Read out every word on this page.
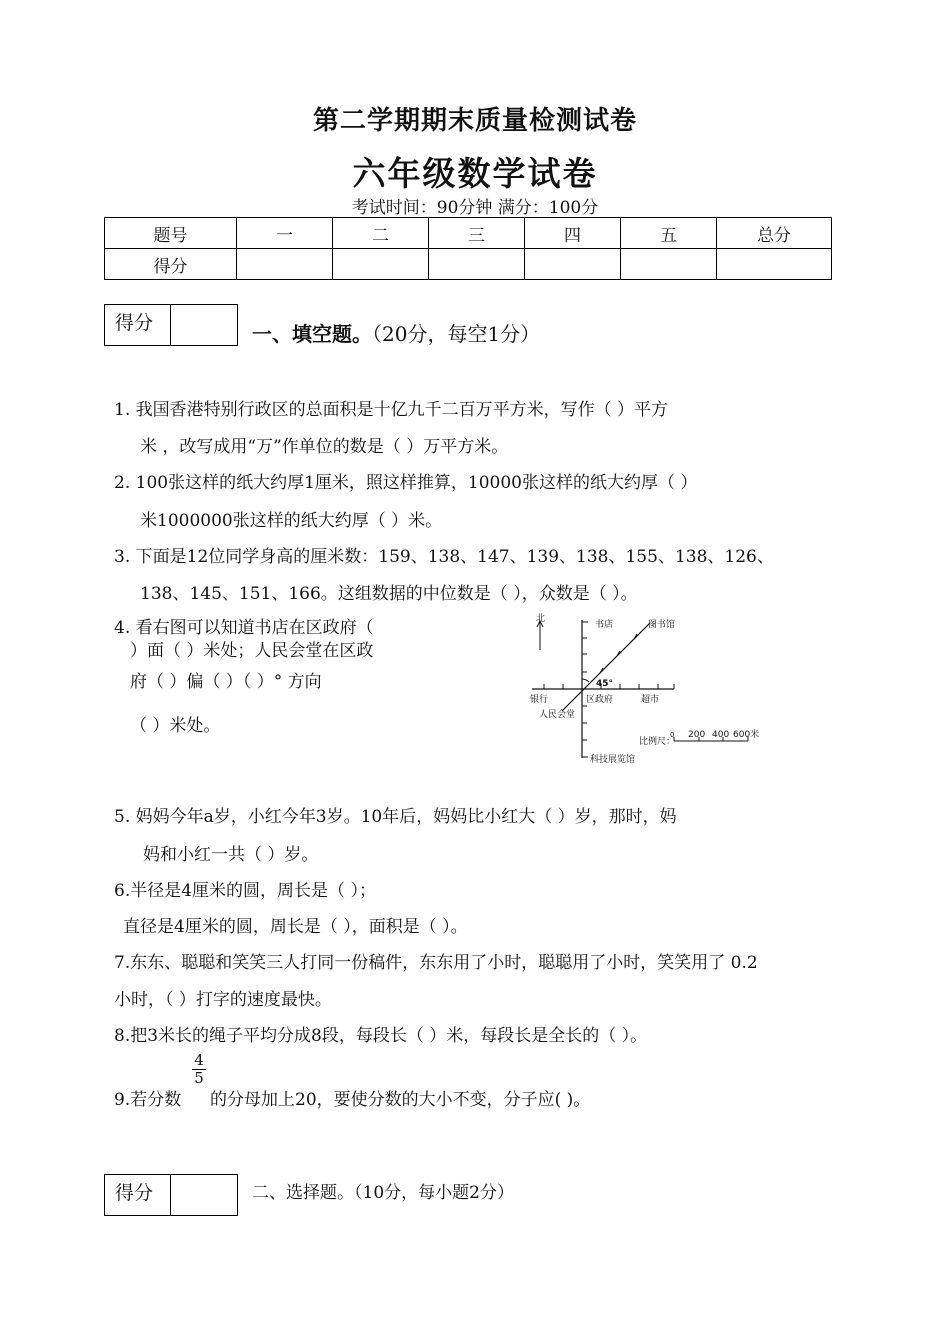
第二学期期末质量检测试卷
六年级数学试卷
考试时间：90分钟 满分：100分
题号	一	二	三	四	五	总分
得分						
得分	一、填空题。（20分，每空1分）
1. 我国香港特别行政区的总面积是十亿九千二百万平方米，写作（ ）平方
米 ，改写成用“万”作单位的数是（ ）万平方米。
2. 100张这样的纸大约厚1厘米，照这样推算，10000张这样的纸大约厚（ ）
米1000000张这样的纸大约厚（ ）米。
3. 下面是12位同学身高的厘米数：159、138、147、139、138、155、138、126、
138、145、151、166。这组数据的中位数是（ ），众数是（ ）。
4. 看右图可以知道书店在区政府（
）面（ ）米处；人民会堂在区政
府（ ）偏（ ）（ ）° 方向
（ ）米处。
北
书店	图书馆
45°
银行	区政府	超市
人民会堂
比例尺：
0 200 400 600米
科技展览馆
5. 妈妈今年a岁，小红今年3岁。10年后，妈妈比小红大（ ）岁，那时，妈
妈和小红一共（ ）岁。
6.半径是4厘米的圆，周长是（ ）；
直径是4厘米的圆，周长是（ ），面积是（ ）。
7.东东、聪聪和笑笑三人打同一份稿件，东东用了小时，聪聪用了小时，笑笑用了 0.2
小时，（ ）打字的速度最快。
8.把3米长的绳子平均分成8段，每段长（ ）米，每段长是全长的（ ）。
9.若分数
$\frac{4}{5}$
的分母加上20，要使分数的大小不变，分子应( )。
得分	二、选择题。（10分，每小题2分）
